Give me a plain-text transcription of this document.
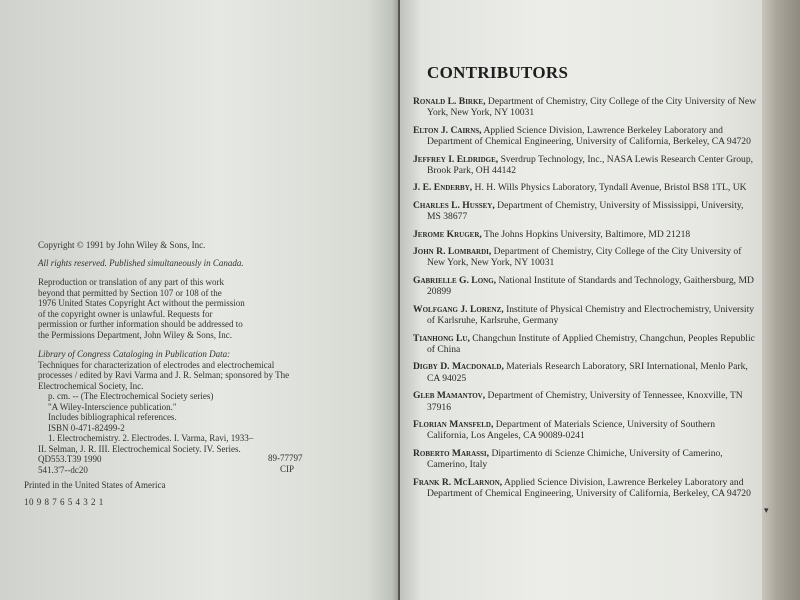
Copyright © 1991 by John Wiley & Sons, Inc.

All rights reserved. Published simultaneously in Canada.

Reproduction or translation of any part of this work

beyond that permitted by Section 107 or 108 of the

1976 United States Copyright Act without the permission

of the copyright owner is unlawful. Requests for

permission or further information should be addressed to

the Permissions Department, John Wiley & Sons, Inc.

Library of Congress Cataloging in Publication Data:

Techniques for characterization of electrodes and electrochemical

processes / edited by Ravi Varma and J. R. Selman; sponsored by The

Electrochemical Society, Inc.

p. cm. -- (The Electrochemical Society series)

"A Wiley-Interscience publication."

Includes bibliographical references.

ISBN 0-471-82499-2

1. Electrochemistry. 2. Electrodes. I. Varma, Ravi, 1933–

II. Selman, J. R. III. Electrochemical Society. IV. Series.

QD553.T39 1990

541.3'7--dc20

89-77797

CIP

Printed in the United States of America

10 9 8 7 6 5 4 3 2 1

CONTRIBUTORS

Ronald L. Birke, Department of Chemistry, City College of the City University of New York, New York, NY 10031

Elton J. Cairns, Applied Science Division, Lawrence Berkeley Laboratory and Department of Chemical Engineering, University of California, Berkeley, CA 94720

Jeffrey I. Eldridge, Sverdrup Technology, Inc., NASA Lewis Research Center Group, Brook Park, OH 44142

J. E. Enderby, H. H. Wills Physics Laboratory, Tyndall Avenue, Bristol BS8 1TL, UK

Charles L. Hussey, Department of Chemistry, University of Mississippi, University, MS 38677

Jerome Kruger, The Johns Hopkins University, Baltimore, MD 21218

John R. Lombardi, Department of Chemistry, City College of the City University of New York, New York, NY 10031

Gabrielle G. Long, National Institute of Standards and Technology, Gaithersburg, MD 20899

Wolfgang J. Lorenz, Institute of Physical Chemistry and Electrochemistry, University of Karlsruhe, Karlsruhe, Germany

Tianhong Lu, Changchun Institute of Applied Chemistry, Changchun, Peoples Republic of China

Digby D. Macdonald, Materials Research Laboratory, SRI International, Menlo Park, CA 94025

Gleb Mamantov, Department of Chemistry, University of Tennessee, Knoxville, TN 37916

Florian Mansfeld, Department of Materials Science, University of Southern California, Los Angeles, CA 90089-0241

Roberto Marassi, Dipartimento di Scienze Chimiche, University of Camerino, Camerino, Italy

Frank R. McLarnon, Applied Science Division, Lawrence Berkeley Laboratory and Department of Chemical Engineering, University of California, Berkeley, CA 94720

▾
